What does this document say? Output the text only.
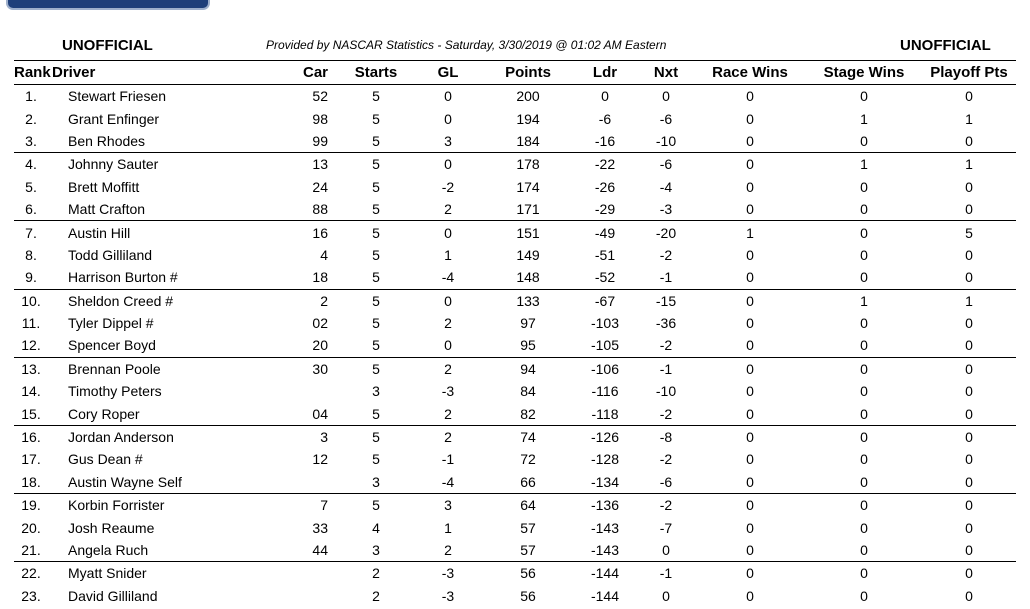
UNOFFICIAL	Provided by NASCAR Statistics - Saturday, 3/30/2019 @ 01:02 AM Eastern	UNOFFICIAL
Rank	Driver	Car	Starts	GL	Points	Ldr	Nxt	Race Wins	Stage Wins	Playoff Pts
1.	Stewart Friesen	52	5	0	200	0	0	0	0	0
2.	Grant Enfinger	98	5	0	194	-6	-6	0	1	1
3.	Ben Rhodes	99	5	3	184	-16	-10	0	0	0
4.	Johnny Sauter	13	5	0	178	-22	-6	0	1	1
5.	Brett Moffitt	24	5	-2	174	-26	-4	0	0	0
6.	Matt Crafton	88	5	2	171	-29	-3	0	0	0
7.	Austin Hill	16	5	0	151	-49	-20	1	0	5
8.	Todd Gilliland	4	5	1	149	-51	-2	0	0	0
9.	Harrison Burton #	18	5	-4	148	-52	-1	0	0	0
10.	Sheldon Creed #	2	5	0	133	-67	-15	0	1	1
11.	Tyler Dippel #	02	5	2	97	-103	-36	0	0	0
12.	Spencer Boyd	20	5	0	95	-105	-2	0	0	0
13.	Brennan Poole	30	5	2	94	-106	-1	0	0	0
14.	Timothy Peters		3	-3	84	-116	-10	0	0	0
15.	Cory Roper	04	5	2	82	-118	-2	0	0	0
16.	Jordan Anderson	3	5	2	74	-126	-8	0	0	0
17.	Gus Dean #	12	5	-1	72	-128	-2	0	0	0
18.	Austin Wayne Self		3	-4	66	-134	-6	0	0	0
19.	Korbin Forrister	7	5	3	64	-136	-2	0	0	0
20.	Josh Reaume	33	4	1	57	-143	-7	0	0	0
21.	Angela Ruch	44	3	2	57	-143	0	0	0	0
22.	Myatt Snider		2	-3	56	-144	-1	0	0	0
23.	David Gilliland		2	-3	56	-144	0	0	0	0
